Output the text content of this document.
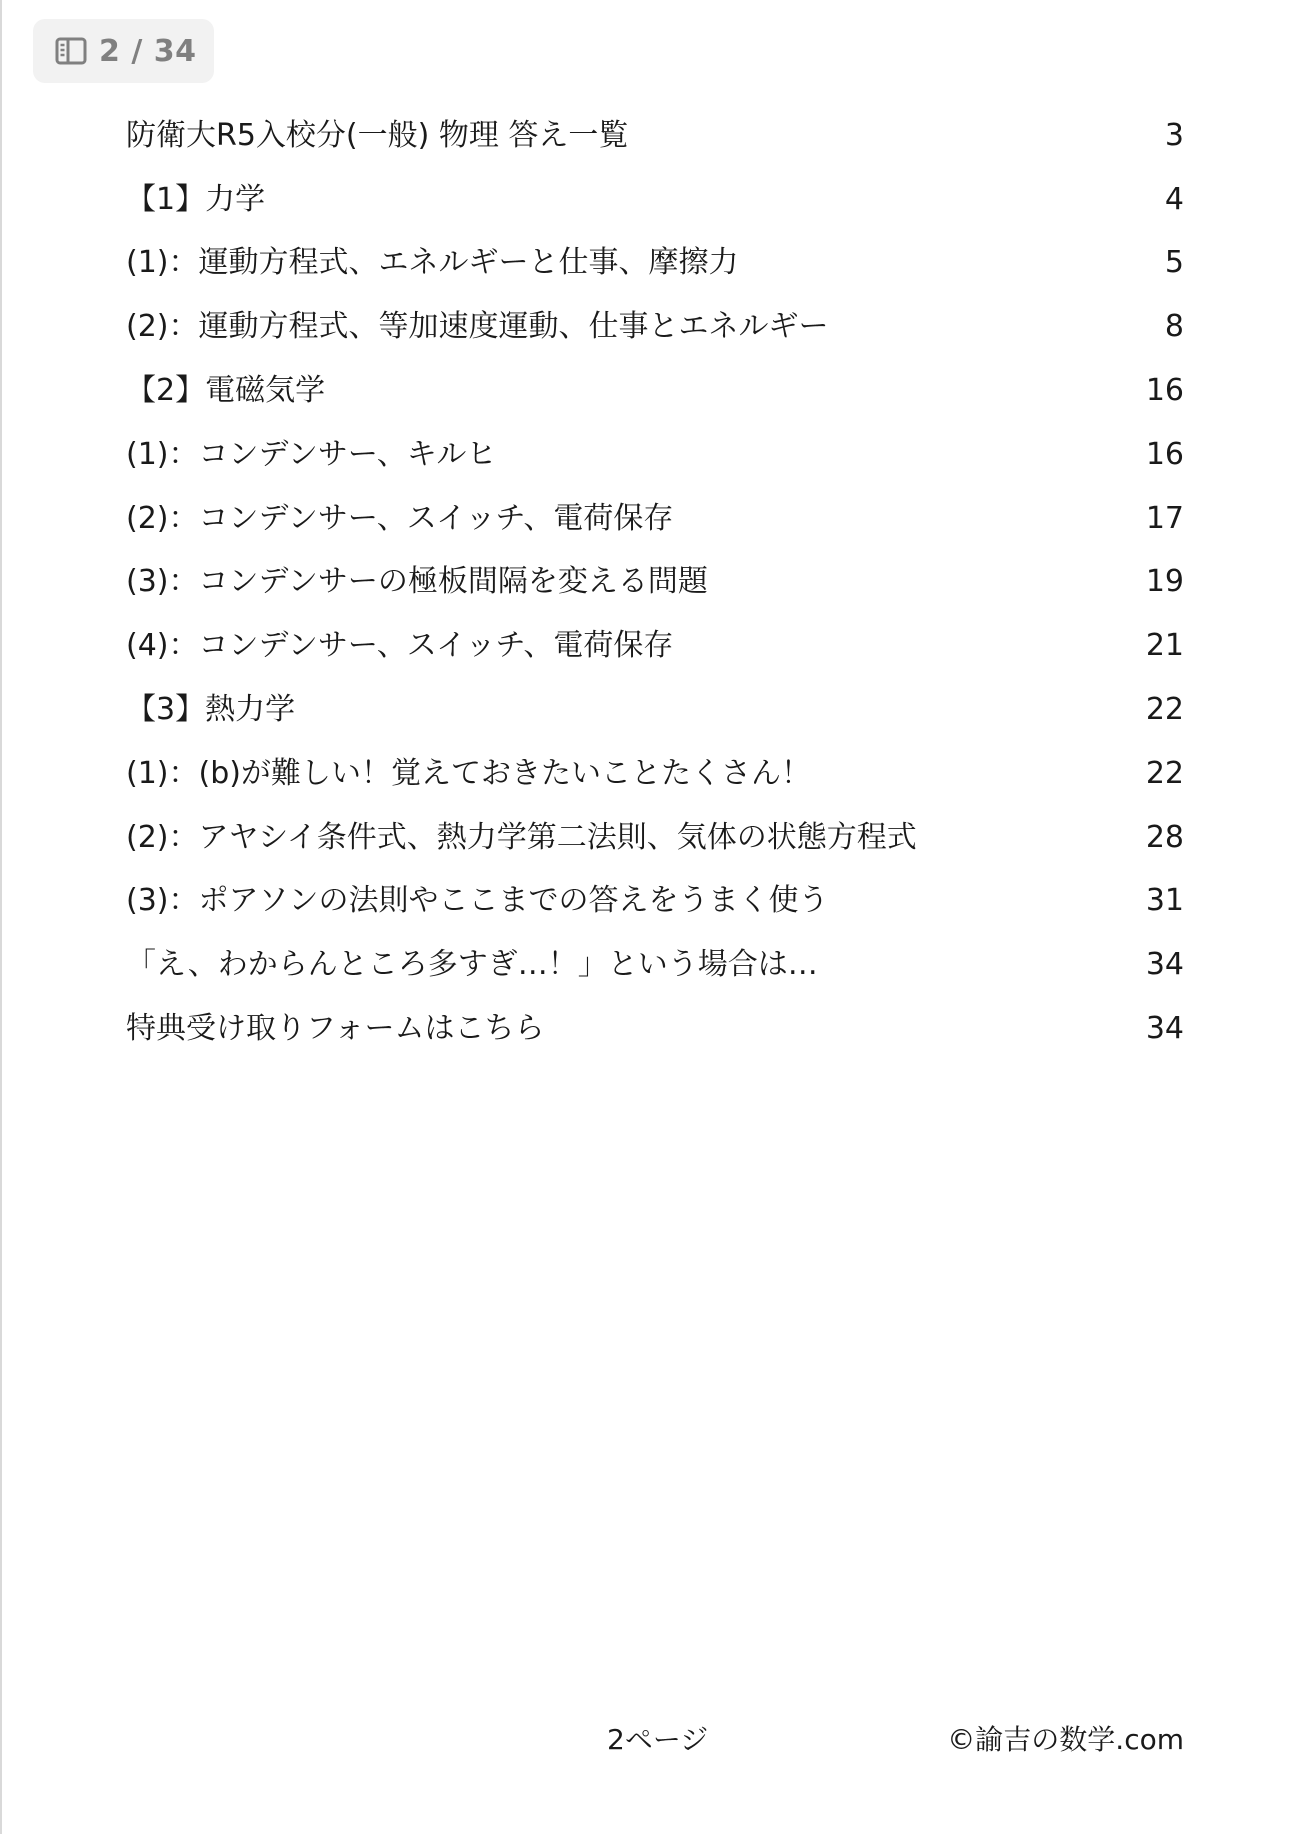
2 / 34
防衛大R5入校分(一般) 物理 答え一覧	3
【1】力学	4
(1)：運動方程式、エネルギーと仕事、摩擦力	5
(2)：運動方程式、等加速度運動、仕事とエネルギー	8
【2】電磁気学	16
(1)：コンデンサー、キルヒ	16
(2)：コンデンサー、スイッチ、電荷保存	17
(3)：コンデンサーの極板間隔を変える問題	19
(4)：コンデンサー、スイッチ、電荷保存	21
【3】熱力学	22
(1)：(b)が難しい！覚えておきたいことたくさん！	22
(2)：アヤシイ条件式、熱力学第二法則、気体の状態方程式	28
(3)：ポアソンの法則やここまでの答えをうまく使う	31
「え、わからんところ多すぎ…！」という場合は…	34
特典受け取りフォームはこちら	34
2ページ	©諭吉の数学.com
